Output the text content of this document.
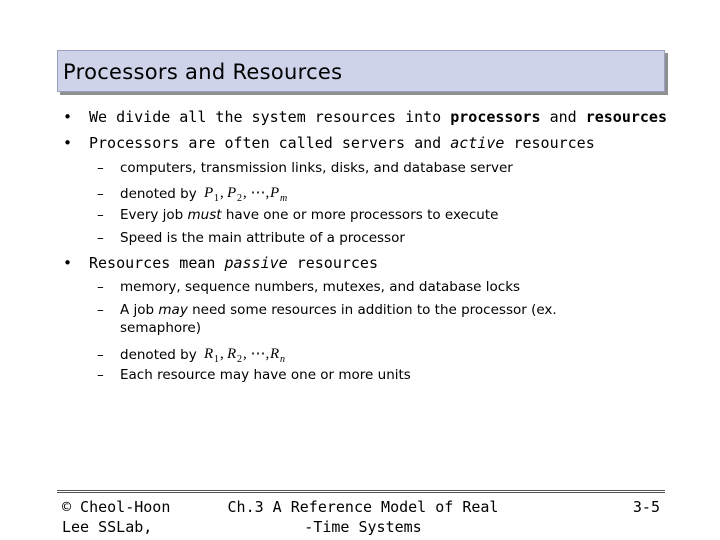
Processors and Resources
• We divide all the system resources into processors and resources
• Processors are often called servers and active resources
– computers, transmission links, disks, and database server
– denoted by P 1 , P 2 , ⋯, P m
– Every job must have one or more processors to execute
– Speed is the main attribute of a processor
• Resources mean passive resources
– memory, sequence numbers, mutexes, and database locks
– A job may need some resources in addition to the processor (ex.
semaphore)
– denoted by R 1 , R 2 , ⋯, R n
– Each resource may have one or more units
© Cheol-Hoon
Lee SSLab,
Ch.3 A Reference Model of Real
-Time Systems
3-5
